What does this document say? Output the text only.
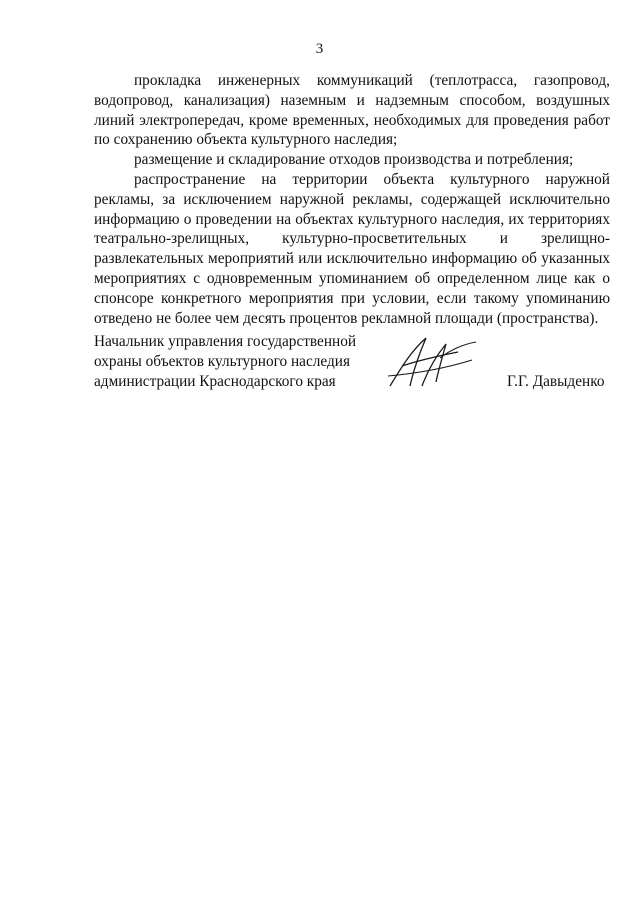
3

прокладка инженерных коммуникаций (теплотрасса, газопровод, водопровод, канализация) наземным и надземным способом, воздушных линий электропередач, кроме временных, необходимых для проведения работ по сохранению объекта культурного наследия;

размещение и складирование отходов производства и потребления;

распространение на территории объекта культурного наружной рекламы, за исключением наружной рекламы, содержащей исключительно информацию о проведении на объектах культурного наследия, их территориях театрально-зрелищных, культурно-просветительных и зрелищно-развлекательных мероприятий или исключительно информацию об указанных мероприятиях с одновременным упоминанием об определенном лице как о спонсоре конкретного мероприятия при условии, если такому упоминанию отведено не более чем десять процентов рекламной площади (пространства).

Начальник управления государственной
охраны объектов культурного наследия
администрации Краснодарского края	Г.Г. Давыденко
